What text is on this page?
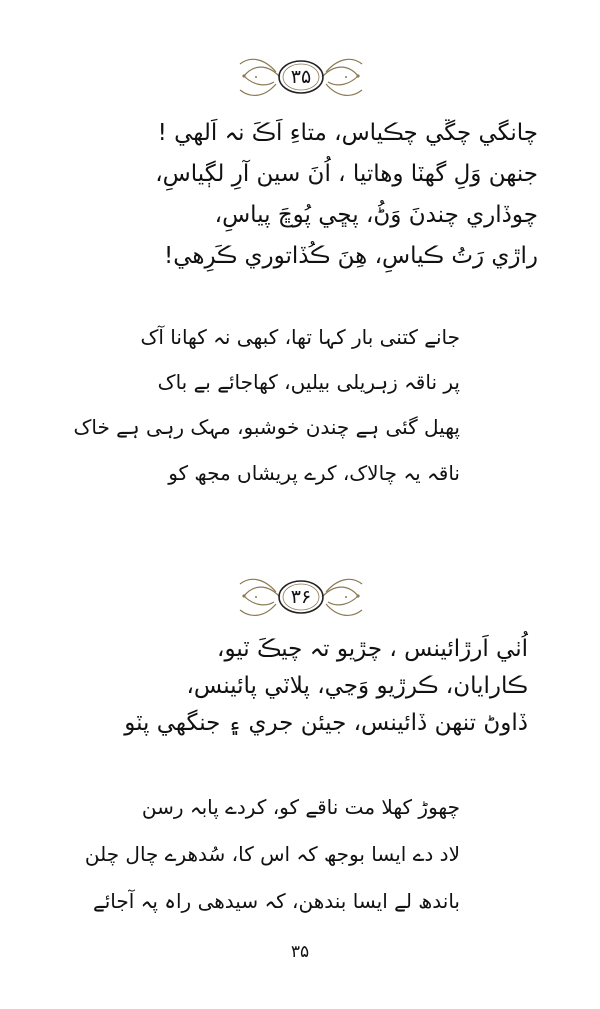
۳۵
چانگي چڱي چڪياس، متاءِ اَڪَ نہ اَلھي !
جنھن وَلِ گھٽا وھاتيا ، اُنَ سين آرِ لڳياسِ،
چوڏاري چندنَ وَڻُ، پڇي پُوڇَ پياسِ،
راڙي رَتُ ڪياسِ، ھِنَ ڪُڏاتوري ڪَرِھي!
جانے کتنی بار کہا تھا، کبھی نہ کھانا آک
پر ناقہ زہریلی بیلیں، کھاجائے بے باک
پھیل گئی ہے چندن خوشبو، مہک رہی ہے خاک
ناقہ یہ چالاک، کرے پریشاں مجھ کو
۳۶
اُٺي اَرڙائينس ، چڙيو تہ چيڪَ ٽيو،
ڪارايان، ڪرڙيو وَڃي، پلاٽي پائينس،
ڏاوڻ تنھن ڏائينس، جيئن جري ۽ جنگھي پٽو
چھوڑ کھلا مت ناقے کو، کردے پابہ رسن
لاد دے ایسا بوجھ کہ اس کا، سُدھرے چال چلن
باندھ لے ایسا بندھن، کہ سیدھی راہ پہ آجائے
۳۵
